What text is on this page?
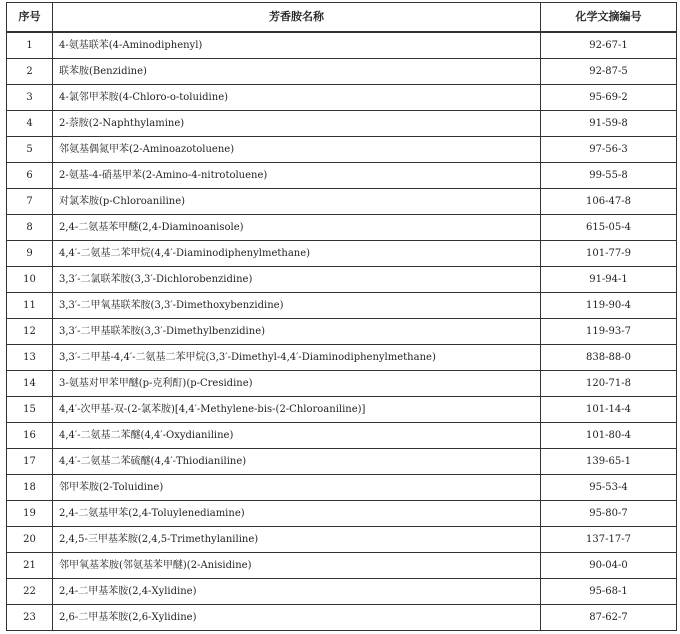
序号	芳香胺名称	化学文摘编号
1	4-氨基联苯(4-Aminodiphenyl)	92-67-1
2	联苯胺(Benzidine)	92-87-5
3	4-氯邻甲苯胺(4-Chloro-o-toluidine)	95-69-2
4	2-萘胺(2-Naphthylamine)	91-59-8
5	邻氨基偶氮甲苯(2-Aminoazotoluene)	97-56-3
6	2-氨基-4-硝基甲苯(2-Amino-4-nitrotoluene)	99-55-8
7	对氯苯胺(p-Chloroaniline)	106-47-8
8	2,4-二氨基苯甲醚(2,4-Diaminoanisole)	615-05-4
9	4,4′-二氨基二苯甲烷(4,4′-Diaminodiphenylmethane)	101-77-9
10	3,3′-二氯联苯胺(3,3′-Dichlorobenzidine)	91-94-1
11	3,3′-二甲氧基联苯胺(3,3′-Dimethoxybenzidine)	119-90-4
12	3,3′-二甲基联苯胺(3,3′-Dimethylbenzidine)	119-93-7
13	3,3′-二甲基-4,4′-二氨基二苯甲烷(3,3′-Dimethyl-4,4′-Diaminodiphenylmethane)	838-88-0
14	3-氨基对甲苯甲醚(p-克利酊)(p-Cresidine)	120-71-8
15	4,4′-次甲基-双-(2-氯苯胺)[4,4′-Methylene-bis-(2-Chloroaniline)]	101-14-4
16	4,4′-二氨基二苯醚(4,4′-Oxydianiline)	101-80-4
17	4,4′-二氨基二苯硫醚(4,4′-Thiodianiline)	139-65-1
18	邻甲苯胺(2-Toluidine)	95-53-4
19	2,4-二氨基甲苯(2,4-Toluylenediamine)	95-80-7
20	2,4,5-三甲基苯胺(2,4,5-Trimethylaniline)	137-17-7
21	邻甲氧基苯胺(邻氨基苯甲醚)(2-Anisidine)	90-04-0
22	2,4-二甲基苯胺(2,4-Xylidine)	95-68-1
23	2,6-二甲基苯胺(2,6-Xylidine)	87-62-7
